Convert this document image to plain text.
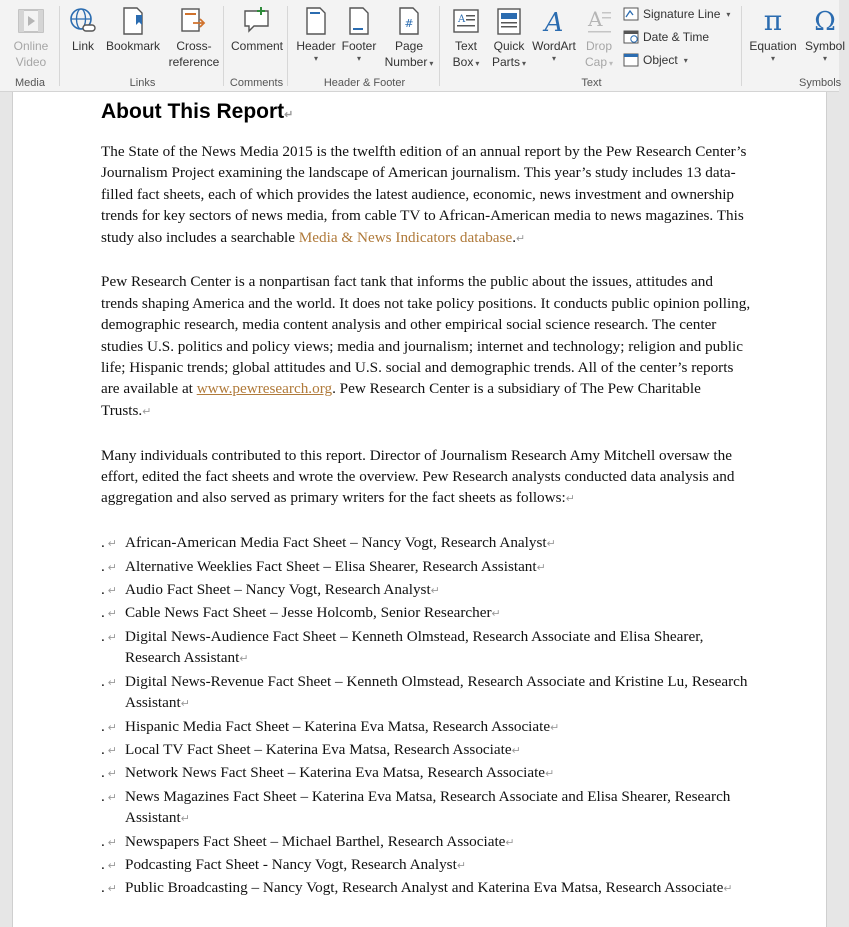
Online
Video
Media
Link Bookmark	Cross-
reference
Links
Comment
Comments
Header
▾
Footer
▾
#
Page
Number ▾
Header & Footer
A
Text
Box ▾
Quick
Parts ▾
A
WordArt
▾
A
Drop
Cap ▾
Signature Line ▾
Date & Time
Object ▾
Text
π
Equation
▾
Ω
Symbol
▾
Symbols
About This Report↵

The State of the News Media 2015 is the twelfth edition of an annual report by the Pew Research Center’s Journalism Project examining the landscape of American journalism. This year’s study includes 13 data-filled fact sheets, each of which provides the latest audience, economic, news investment and ownership trends for key sectors of news media, from cable TV to African-American media to news magazines. This study also includes a searchable Media & News Indicators database.↵

Pew Research Center is a nonpartisan fact tank that informs the public about the issues, attitudes and trends shaping America and the world. It does not take policy positions. It conducts public opinion polling, demographic research, media content analysis and other empirical social science research. The center studies U.S. politics and policy views; media and journalism; internet and technology; religion and public life; Hispanic trends; global attitudes and U.S. social and demographic trends. All of the center’s reports are available at www.pewresearch.org. Pew Research Center is a subsidiary of The Pew Charitable Trusts.↵

Many individuals contributed to this report. Director of Journalism Research Amy Mitchell oversaw the effort, edited the fact sheets and wrote the overview. Pew Research analysts conducted data analysis and aggregation and also served as primary writers for the fact sheets as follows:↵

. ↵ African-American Media Fact Sheet – Nancy Vogt, Research Analyst↵
. ↵ Alternative Weeklies Fact Sheet – Elisa Shearer, Research Assistant↵
. ↵ Audio Fact Sheet – Nancy Vogt, Research Analyst↵
. ↵ Cable News Fact Sheet – Jesse Holcomb, Senior Researcher↵
. ↵ Digital News-Audience Fact Sheet – Kenneth Olmstead, Research Associate and Elisa Shearer, Research Assistant↵
. ↵ Digital News-Revenue Fact Sheet – Kenneth Olmstead, Research Associate and Kristine Lu, Research Assistant↵
. ↵ Hispanic Media Fact Sheet – Katerina Eva Matsa, Research Associate↵
. ↵ Local TV Fact Sheet – Katerina Eva Matsa, Research Associate↵
. ↵ Network News Fact Sheet – Katerina Eva Matsa, Research Associate↵
. ↵ News Magazines Fact Sheet – Katerina Eva Matsa, Research Associate and Elisa Shearer, Research Assistant↵
. ↵ Newspapers Fact Sheet – Michael Barthel, Research Associate↵
. ↵ Podcasting Fact Sheet - Nancy Vogt, Research Analyst↵
. ↵ Public Broadcasting – Nancy Vogt, Research Analyst and Katerina Eva Matsa, Research Associate↵
